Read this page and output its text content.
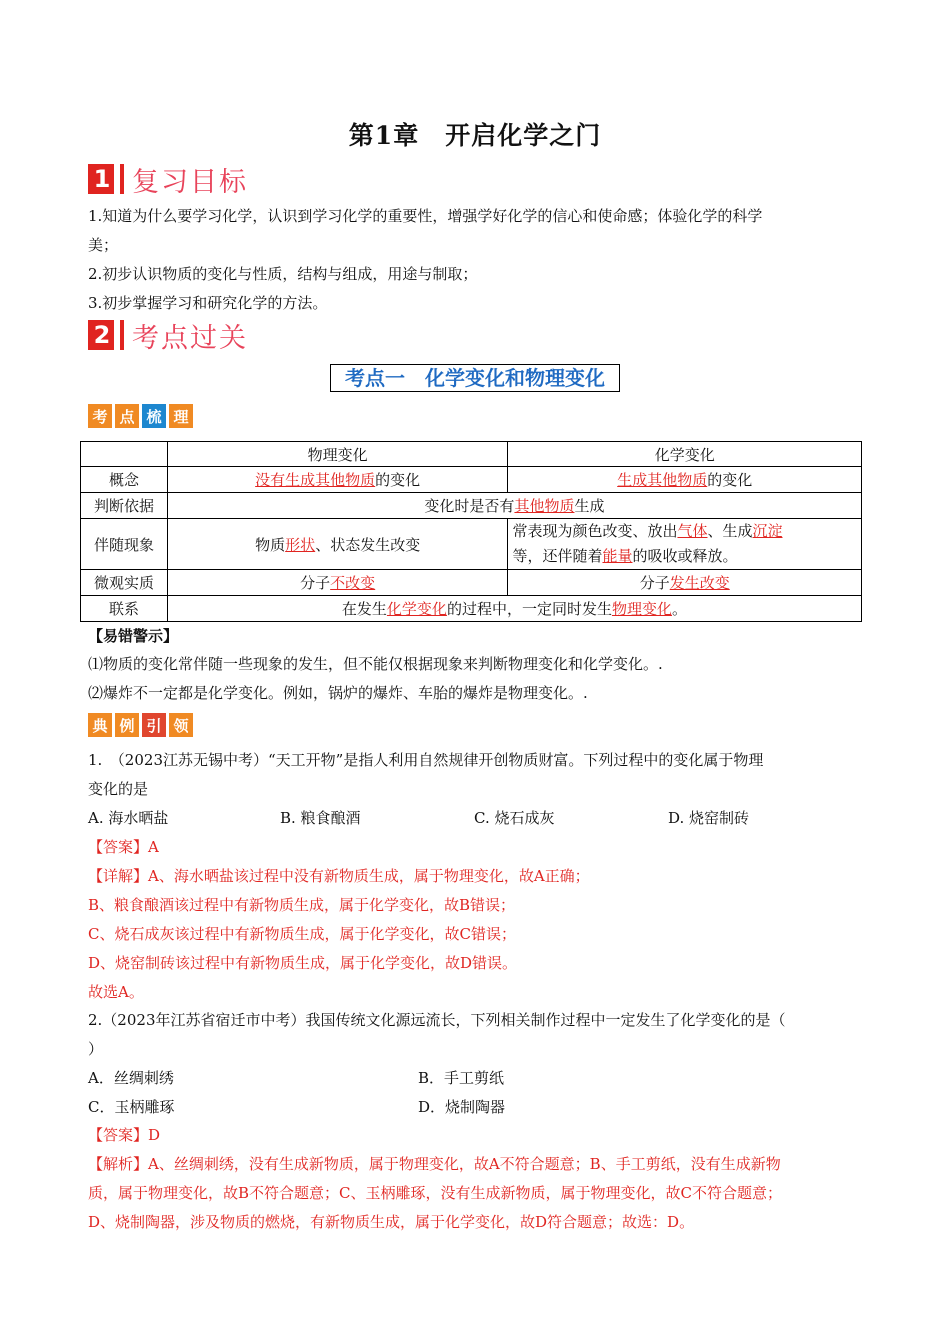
第1章　开启化学之门
1 复习目标
1.知道为什么要学习化学，认识到学习化学的重要性，增强学好化学的信心和使命感；体验化学的科学
美；
2.初步认识物质的变化与性质，结构与组成，用途与制取；
3.初步掌握学习和研究化学的方法。
2 考点过关
考点一　化学变化和物理变化
考 点 梳 理
	物理变化	化学变化
概念	没有生成其他物质的变化	生成其他物质的变化
判断依据	变化时是否有其他物质生成	
伴随现象	物质形状、状态发生改变	常表现为颜色改变、放出气体、生成沉淀
等，还伴随着能量的吸收或释放。
微观实质	分子不改变	分子发生改变
联系	在发生化学变化的过程中，一定同时发生物理变化。	
【易错警示】
⑴物质的变化常伴随一些现象的发生，但不能仅根据现象来判断物理变化和化学变化。.
⑵爆炸不一定都是化学变化。例如，锅炉的爆炸、车胎的爆炸是物理变化。.
典 例 引 领
1.　（2023江苏无锡中考）“天工开物”是指人利用自然规律开创物质财富。下列过程中的变化属于物理
变化的是
A. 海水晒盐	B. 粮食酿酒	C. 烧石成灰	D. 烧窑制砖
【答案】A
【详解】A、海水晒盐该过程中没有新物质生成，属于物理变化，故A正确；
B、粮食酿酒该过程中有新物质生成，属于化学变化，故B错误；
C、烧石成灰该过程中有新物质生成，属于化学变化，故C错误；
D、烧窑制砖该过程中有新物质生成，属于化学变化，故D错误。
故选A。
2.（2023年江苏省宿迁市中考）我国传统文化源远流长，下列相关制作过程中一定发生了化学变化的是（
）
A．丝绸刺绣	B．手工剪纸
C．玉柄雕琢	D．烧制陶器
【答案】D
【解析】A、丝绸刺绣，没有生成新物质，属于物理变化，故A不符合题意；B、手工剪纸，没有生成新物
质，属于物理变化，故B不符合题意；C、玉柄雕琢，没有生成新物质，属于物理变化，故C不符合题意；
D、烧制陶器，涉及物质的燃烧，有新物质生成，属于化学变化，故D符合题意；故选：D。
